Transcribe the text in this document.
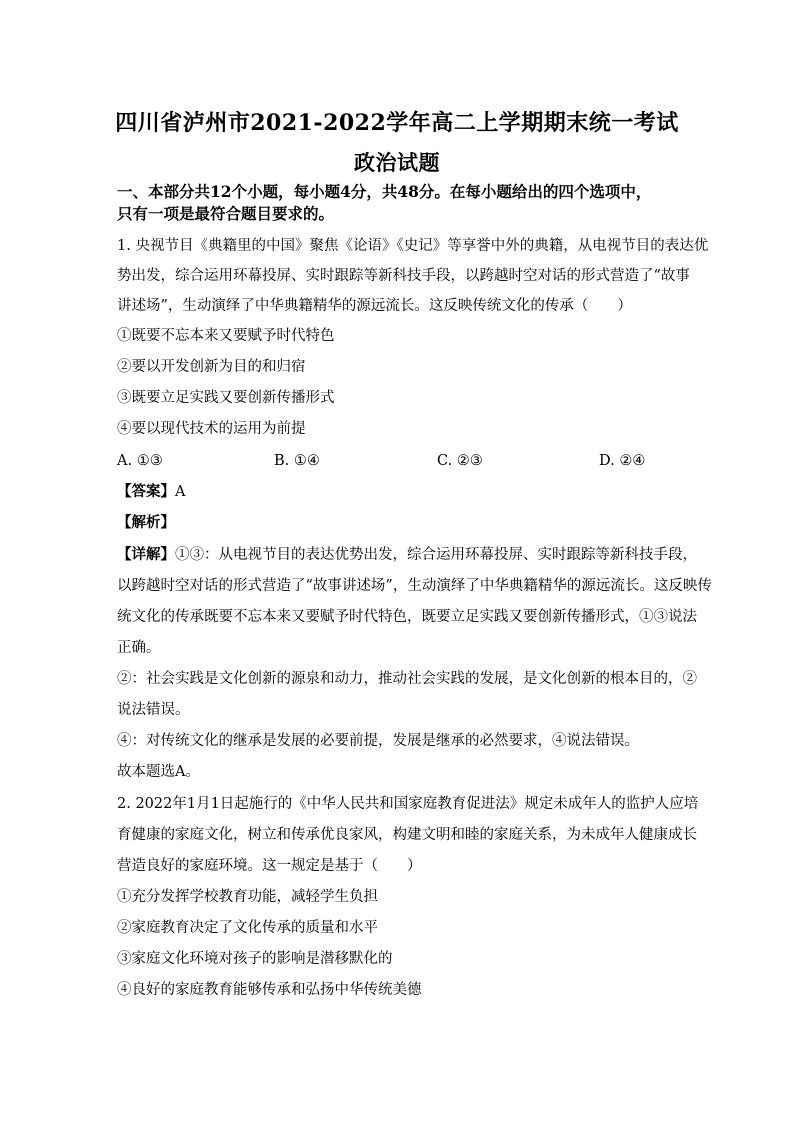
四川省泸州市2021-2022学年高二上学期期末统一考试
政治试题
一、本部分共12个小题，每小题4分，共48分。在每小题给出的四个选项中，
只有一项是最符合题目要求的。
1. 央视节目《典籍里的中国》聚焦《论语》《史记》等享誉中外的典籍，从电视节目的表达优
势出发，综合运用环幕投屏、实时跟踪等新科技手段，以跨越时空对话的形式营造了“故事
讲述场”，生动演绎了中华典籍精华的源远流长。这反映传统文化的传承（　　）
①既要不忘本来又要赋予时代特色
②要以开发创新为目的和归宿
③既要立足实践又要创新传播形式
④要以现代技术的运用为前提
A. ①③	B. ①④	C. ②③	D. ②④
【答案】A
【解析】
【详解】①③：从电视节目的表达优势出发，综合运用环幕投屏、实时跟踪等新科技手段，
以跨越时空对话的形式营造了“故事讲述场”，生动演绎了中华典籍精华的源远流长。这反映传
统文化的传承既要不忘本来又要赋予时代特色，既要立足实践又要创新传播形式，①③说法
正确。
②：社会实践是文化创新的源泉和动力，推动社会实践的发展，是文化创新的根本目的，②
说法错误。
④：对传统文化的继承是发展的必要前提，发展是继承的必然要求，④说法错误。
故本题选A。
2. 2022年1月1日起施行的《中华人民共和国家庭教育促进法》规定未成年人的监护人应培
育健康的家庭文化，树立和传承优良家风，构建文明和睦的家庭关系，为未成年人健康成长
营造良好的家庭环境。这一规定是基于（　　）
①充分发挥学校教育功能，减轻学生负担
②家庭教育决定了文化传承的质量和水平
③家庭文化环境对孩子的影响是潜移默化的
④良好的家庭教育能够传承和弘扬中华传统美德
